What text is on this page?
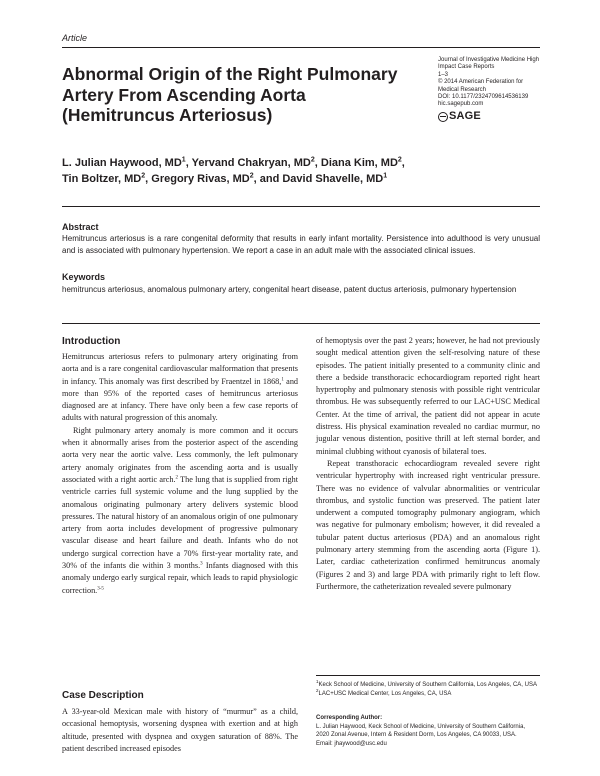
Article
Abnormal Origin of the Right Pulmonary Artery From Ascending Aorta (Hemitruncus Arteriosus)
Journal of Investigative Medicine High
Impact Case Reports
1–3
© 2014 American Federation for
Medical Research
DOI: 10.1177/2324709614536139
hic.sagepub.com
SAGE
L. Julian Haywood, $MD^1$, Yervand Chakryan, $MD^2$, Diana Kim, $MD^2$,
Tin Boltzer, $MD^2$, Gregory Rivas, $MD^2$, and David Shavelle, $MD^1$
Abstract
Hemitruncus arteriosus is a rare congenital deformity that results in early infant mortality. Persistence into adulthood is very unusual and is associated with pulmonary hypertension. We report a case in an adult male with the associated clinical issues.
Keywords
hemitruncus arteriosus, anomalous pulmonary artery, congenital heart disease, patent ductus arteriosis, pulmonary hypertension
Introduction

Hemitruncus arteriosus refers to pulmonary artery originating from aorta and is a rare congenital cardiovascular malformation that presents in infancy. This anomaly was first described by Fraentzel in 1868,$^1$ and more than 95% of the reported cases of hemitruncus arteriosus diagnosed are at infancy. There have only been a few case reports of adults with natural progression of this anomaly.

Right pulmonary artery anomaly is more common and it occurs when it abnormally arises from the posterior aspect of the ascending aorta very near the aortic valve. Less commonly, the left pulmonary artery anomaly originates from the ascending aorta and is usually associated with a right aortic arch.$^2$ The lung that is supplied from right ventricle carries full systemic volume and the lung supplied by the anomalous originating pulmonary artery delivers systemic blood pressures. The natural history of an anomalous origin of one pulmonary artery from aorta includes development of progressive pulmonary vascular disease and heart failure and death. Infants who do not undergo surgical correction have a 70% first-year mortality rate, and 30% of the infants die within 3 months.$^3$ Infants diagnosed with this anomaly undergo early surgical repair, which leads to rapid physiologic correction.$^{3-5}$

Case Description

A 33-year-old Mexican male with history of “murmur” as a child, occasional hemoptysis, worsening dyspnea with exertion and at high altitude, presented with dyspnea and oxygen saturation of 88%. The patient described increased episodes

of hemoptysis over the past 2 years; however, he had not previously sought medical attention given the self-resolving nature of these episodes. The patient initially presented to a community clinic and there a bedside transthoracic echocardiogram reported right heart hypertrophy and pulmonary stenosis with possible right ventricular thrombus. He was subsequently referred to our LAC+USC Medical Center. At the time of arrival, the patient did not appear in acute distress. His physical examination revealed no cardiac murmur, no jugular venous distention, positive thrill at left sternal border, and minimal clubbing without cyanosis of bilateral toes.

Repeat transthoracic echocardiogram revealed severe right ventricular hypertrophy with increased right ventricular pressure. There was no evidence of valvular abnormalities or ventricular thrombus, and systolic function was preserved. The patient later underwent a computed tomography pulmonary angiogram, which was negative for pulmonary embolism; however, it did revealed a tubular patent ductus arteriosus (PDA) and an anomalous right pulmonary artery stemming from the ascending aorta (Figure 1). Later, cardiac catheterization confirmed hemitruncus anomaly (Figures 2 and 3) and large PDA with primarily right to left flow. Furthermore, the catheterization revealed severe pulmonary

$^1$Keck School of Medicine, University of Southern California, Los Angeles, CA, USA
$^2$LAC+USC Medical Center, Los Angeles, CA, USA
Corresponding Author:
L. Julian Haywood, Keck School of Medicine, University of Southern California, 2020 Zonal Avenue, Intern & Resident Dorm, Los Angeles, CA 90033, USA.
Email: jhaywood@usc.edu
